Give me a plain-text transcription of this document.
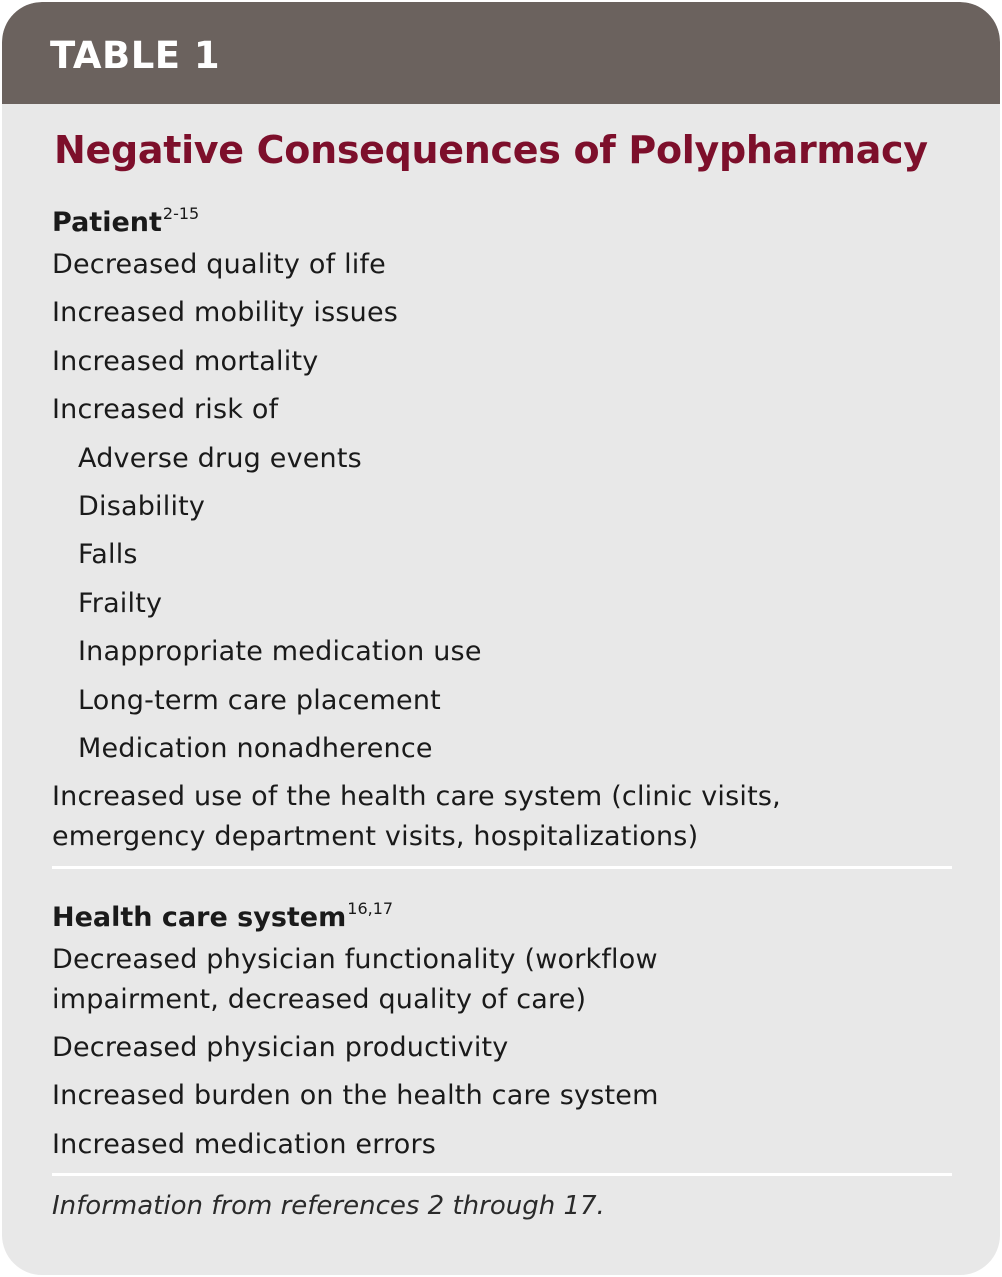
TABLE 1
Negative Consequences of Polypharmacy
Patient$^{2-15}$
Decreased quality of life
Increased mobility issues
Increased mortality
Increased risk of
Adverse drug events
Disability
Falls
Frailty
Inappropriate medication use
Long-term care placement
Medication nonadherence
Increased use of the health care system (clinic visits, emergency department visits, hospitalizations)
Health care system$^{16,17}$
Decreased physician functionality (workflow impairment, decreased quality of care)
Decreased physician productivity
Increased burden on the health care system
Increased medication errors
Information from references 2 through 17.
